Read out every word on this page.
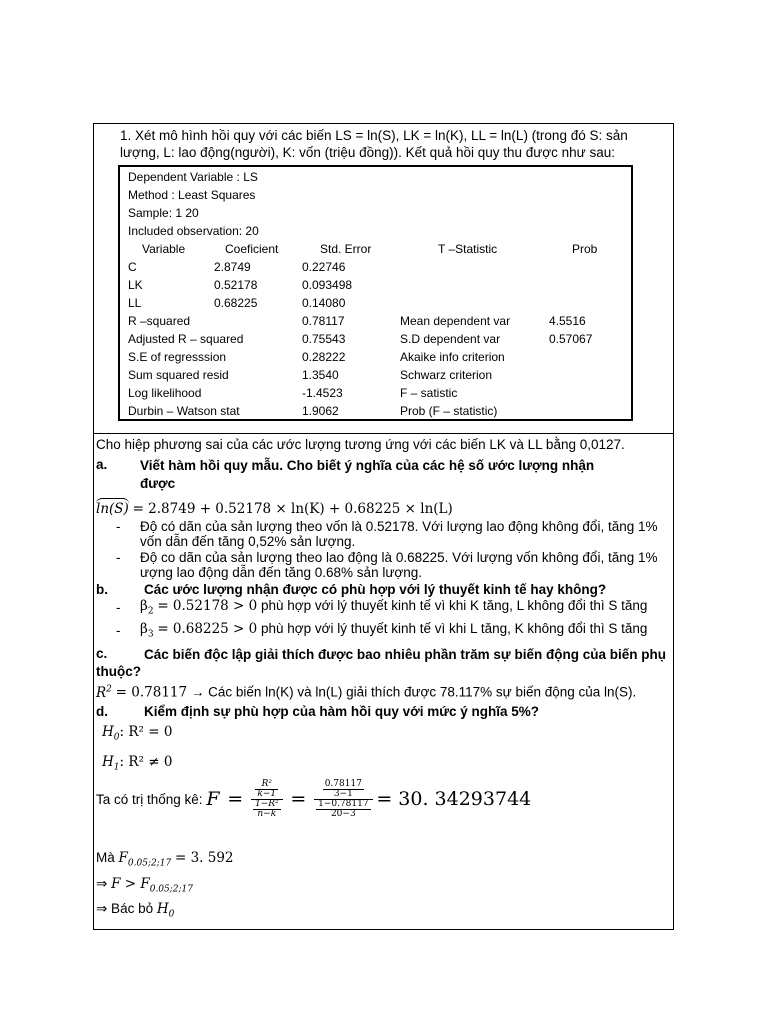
1. Xét mô hình hồi quy với các biến LS = ln(S), LK = ln(K), LL = ln(L) (trong đó S: sản lượng, L: lao động(người), K: vốn (triệu đồng)). Kết quả hồi quy thu được như sau:
Dependent Variable : LS
Method : Least Squares
Sample: 1 20
Included observation: 20
Variable	Coeficient	Std. Error	T –Statistic	Prob
C	2.8749	0.22746
LK	0.52178	0.093498
LL	0.68225	0.14080
R –squared	0.78117	Mean dependent var	4.5516
Adjusted R – squared	0.75543	S.D dependent var	0.57067
S.E of regresssion	0.28222	Akaike info criterion
Sum squared resid	1.3540	Schwarz criterion
Log likelihood	-1.4523	F – satistic
Durbin – Watson stat	1.9062	Prob (F – statistic)
Cho hiệp phương sai của các ước lượng tương ứng với các biến LK và LL bằng 0,0127.
a. Viết hàm hồi quy mẫu. Cho biết ý nghĩa của các hệ số ước lượng nhận được
ln(S) = 2.8749 + 0.52178 × ln(K) + 0.68225 × ln(L)
- Độ có dãn của sản lượng theo vốn là 0.52178. Với lượng lao động không đổi, tăng 1% vốn dẫn đến tăng 0,52% sản lượng.
- Độ co dãn của sản lượng theo lao động là 0.68225. Với lượng vốn không đổi, tăng 1% ượng lao động dẫn đến tăng 0.68% sản lượng.
b.	Các ước lượng nhận được có phù hợp với lý thuyết kinh tế hay không?
- $\beta_2 = 0.52178 > 0$ phù hợp với lý thuyết kinh tế vì khi K tăng, L không đổi thì S tăng
- $\beta_3 = 0.68225 > 0$ phù hợp với lý thuyết kinh tế vì khi L tăng, K không đổi thì S tăng
c.	Các biến độc lập giải thích được bao nhiêu phần trăm sự biến động của biến phụ thuộc?
$R^2 = 0.78117$ → Các biến ln(K) và ln(L) giải thích được 78.117% sự biến động của ln(S).
d.	Kiểm định sự phù hợp của hàm hồi quy với mức ý nghĩa 5%?
$H_0$: R² = 0
$H_1$: R² ≠ 0
Ta có trị thống kê: $F = \frac{\frac{\text{R²}}{k-1}}{\frac{\text{1−R²}}{n-k}} = \frac{\frac{0.78117}{3-1}}{\frac{1-0.78117}{20-3}} = 30$. 34293744
Mà $F_{0.05;2;17} = 3$. 592
⇒ $F > F_{0.05;2;17}$
⇒ Bác bỏ $H_0$
